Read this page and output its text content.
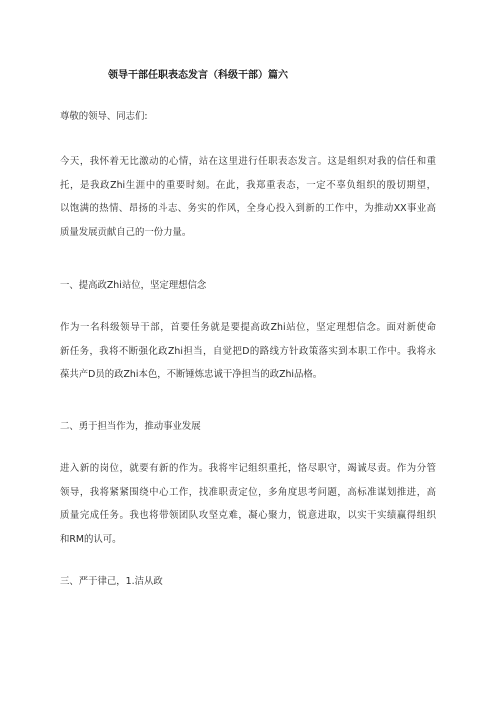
领导干部任职表态发言（科级干部）篇六
尊敬的领导、同志们:
今天，我怀着无比激动的心情，站在这里进行任职表态发言。这是组织对我的信任和重
托，是我政Zhi生涯中的重要时刻。在此，我郑重表态，一定不辜负组织的殷切期望，
以饱满的热情、昂扬的斗志、务实的作风，全身心投入到新的工作中，为推动XX事业高
质量发展贡献自己的一份力量。
一、提高政Zhi站位，坚定理想信念
作为一名科级领导干部，首要任务就是要提高政Zhi站位，坚定理想信念。面对新使命
新任务，我将不断强化政Zhi担当，自觉把D的路线方针政策落实到本职工作中。我将永
葆共产D员的政Zhi本色，不断锤炼忠诚干净担当的政Zhi品格。
二、勇于担当作为，推动事业发展
进入新的岗位，就要有新的作为。我将牢记组织重托，恪尽职守，竭诚尽责。作为分管
领导，我将紧紧围绕中心工作，找准职责定位，多角度思考问题，高标准谋划推进，高
质量完成任务。我也将带领团队攻坚克难，凝心聚力，锐意进取，以实干实绩赢得组织
和RM的认可。
三、严于律己，1.洁从政
